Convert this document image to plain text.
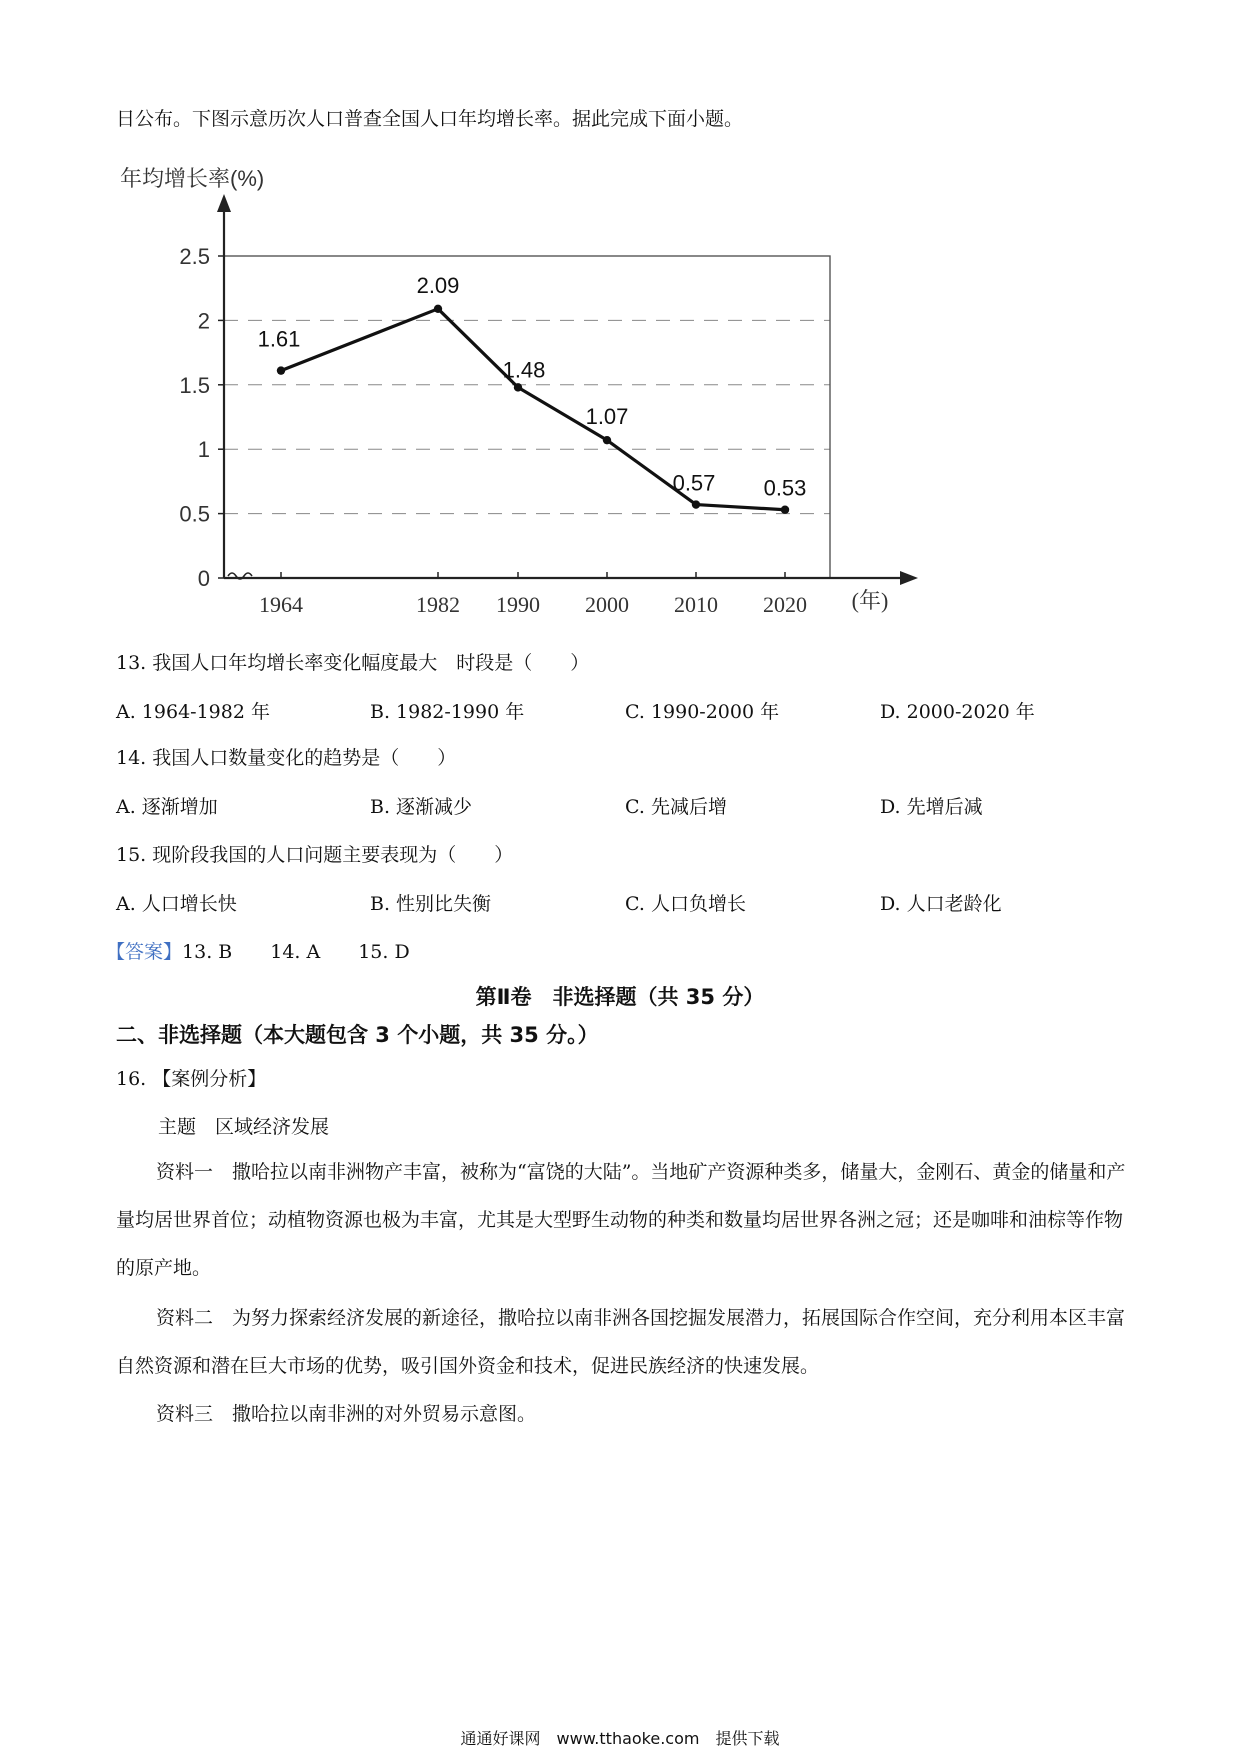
日公布。下图示意历次人口普查全国人口年均增长率。据此完成下面小题。
0
0.5
1
1.5
2
2.5
1964	1982 1990 2000 2010 2020 (年)
年均增长率(%)
1.61
2.09
1.48
1.07
0.57 0.53
13. 我国人口年均增长率变化幅度最大　时段是（　　）
A. 1964-1982 年	B. 1982-1990 年	C. 1990-2000 年	D. 2000-2020 年
14. 我国人口数量变化的趋势是（　　）
A. 逐渐增加	B. 逐渐减少	C. 先减后增	D. 先增后减
15. 现阶段我国的人口问题主要表现为（　　）
A. 人口增长快	B. 性别比失衡	C. 人口负增长	D. 人口老龄化
【答案】13. B　　14. A　　15. D
第Ⅱ卷　非选择题（共 35 分）
二、非选择题（本大题包含 3 个小题，共 35 分。）
16. 【案例分析】
主题　区域经济发展
资料一　撒哈拉以南非洲物产丰富，被称为“富饶的大陆”。当地矿产资源种类多，储量大，金刚石、黄金的储量和产量均居世界首位；动植物资源也极为丰富，尤其是大型野生动物的种类和数量均居世界各洲之冠；还是咖啡和油棕等作物的原产地。
资料二　为努力探索经济发展的新途径，撒哈拉以南非洲各国挖掘发展潜力，拓展国际合作空间，充分利用本区丰富自然资源和潜在巨大市场的优势，吸引国外资金和技术，促进民族经济的快速发展。
资料三　撒哈拉以南非洲的对外贸易示意图。
通通好课网　www.tthaoke.com　提供下载
